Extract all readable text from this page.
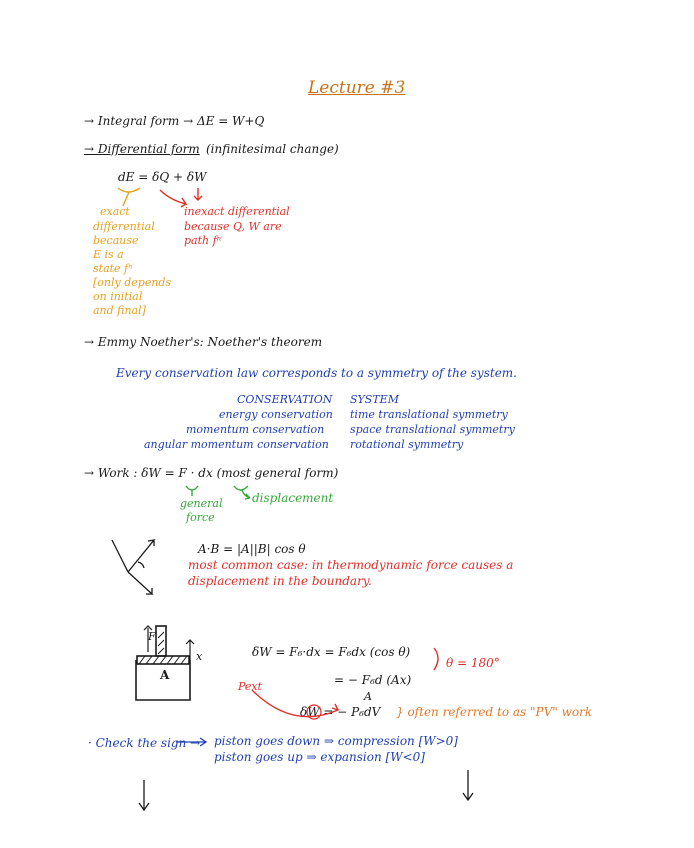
Lecture #3
→ Integral form → ΔE = W+Q
→ Differential form (infinitesimal change)
dE = δQ + δW
exact
differential
because
E is a
state fⁿ
[only depends
on initial
and final]
inexact differential
because Q, W are
path fⁿ
→ Emmy Noether's: Noether's theorem
Every conservation law corresponds to a symmetry of the system.
CONSERVATION SYSTEM
energy conservation time translational symmetry
momentum conservation space translational symmetry
angular momentum conservation rotational symmetry
→ Work : δW = F · dx (most general form)
general
force
displacement
A·B = |A||B| cos θ
most common case: in thermodynamic force causes a
displacement in the boundary.
δW = F₆·dx = F₆dx (cos θ)
θ = 180°
= − F₆d (Ax)
A
δW = − P₆dV } often referred to as "PV" work
Pext
· Check the sign → piston goes down ⇒ compression [W>0]
piston goes up ⇒ expansion [W<0]
A
F
x
